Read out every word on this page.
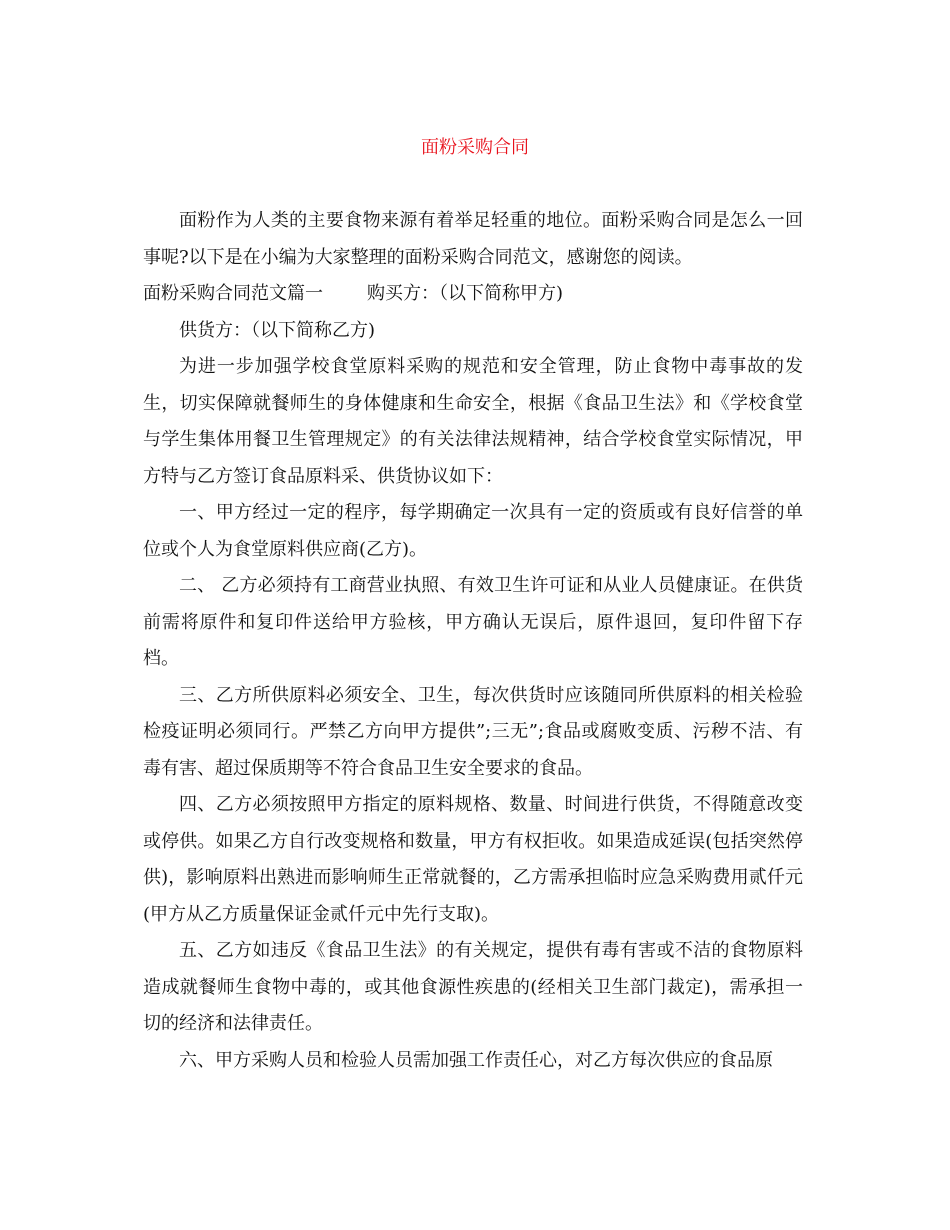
面粉采购合同

面粉作为人类的主要食物来源有着举足轻重的地位。面粉采购合同是怎么一回事呢?以下是在小编为大家整理的面粉采购合同范文，感谢您的阅读。

面粉采购合同范文篇一 购买方：（以下简称甲方)

供货方：（以下简称乙方)

为进一步加强学校食堂原料采购的规范和安全管理，防止食物中毒事故的发生，切实保障就餐师生的身体健康和生命安全，根据《食品卫生法》和《学校食堂与学生集体用餐卫生管理规定》的有关法律法规精神，结合学校食堂实际情况，甲方特与乙方签订食品原料采、供货协议如下：

一、甲方经过一定的程序，每学期确定一次具有一定的资质或有良好信誉的单位或个人为食堂原料供应商(乙方)。

二、 乙方必须持有工商营业执照、有效卫生许可证和从业人员健康证。在供货前需将原件和复印件送给甲方验核，甲方确认无误后，原件退回，复印件留下存档。

三、乙方所供原料必须安全、卫生，每次供货时应该随同所供原料的相关检验检疫证明必须同行。严禁乙方向甲方提供”;三无”;食品或腐败变质、污秽不洁、有毒有害、超过保质期等不符合食品卫生安全要求的食品。

四、乙方必须按照甲方指定的原料规格、数量、时间进行供货，不得随意改变或停供。如果乙方自行改变规格和数量，甲方有权拒收。如果造成延误(包括突然停供)，影响原料出熟进而影响师生正常就餐的，乙方需承担临时应急采购费用贰仟元(甲方从乙方质量保证金贰仟元中先行支取)。

五、乙方如违反《食品卫生法》的有关规定，提供有毒有害或不洁的食物原料造成就餐师生食物中毒的，或其他食源性疾患的(经相关卫生部门裁定)，需承担一切的经济和法律责任。

六、甲方采购人员和检验人员需加强工作责任心，对乙方每次供应的食品原
